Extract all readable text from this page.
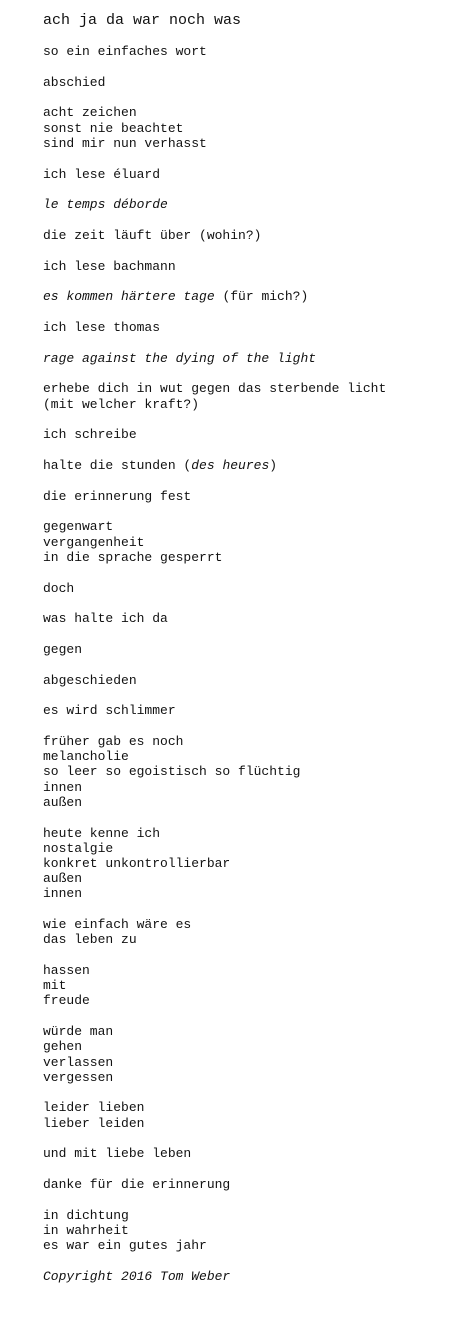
ach ja da war noch was
so ein einfaches wort
abschied
acht zeichen
sonst nie beachtet
sind mir nun verhasst
ich lese éluard
le temps déborde
die zeit läuft über (wohin?)
ich lese bachmann
es kommen härtere tage (für mich?)
ich lese thomas
rage against the dying of the light
erhebe dich in wut gegen das sterbende licht
(mit welcher kraft?)
ich schreibe
halte die stunden (des heures)
die erinnerung fest
gegenwart
vergangenheit
in die sprache gesperrt
doch
was halte ich da
gegen
abgeschieden
es wird schlimmer
früher gab es noch
melancholie
so leer so egoistisch so flüchtig
innen
außen
heute kenne ich
nostalgie
konkret unkontrollierbar
außen
innen
wie einfach wäre es
das leben zu
hassen
mit
freude
würde man
gehen
verlassen
vergessen
leider lieben
lieber leiden
und mit liebe leben
danke für die erinnerung
in dichtung
in wahrheit
es war ein gutes jahr
Copyright 2016 Tom Weber
